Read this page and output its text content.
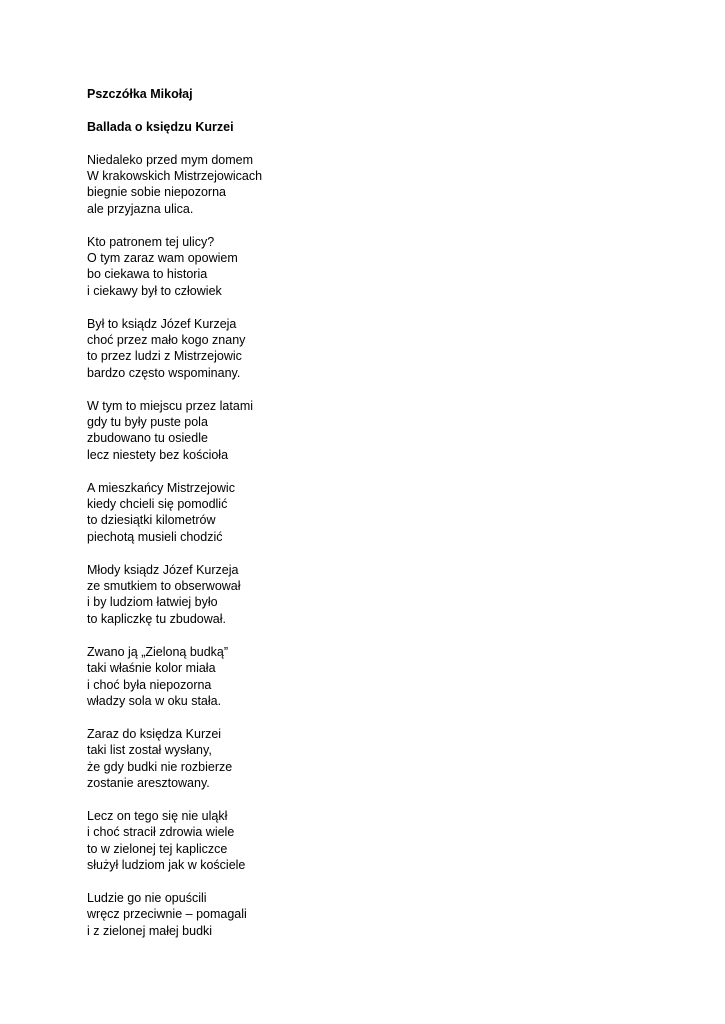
Pszczółka Mikołaj

Ballada o księdzu Kurzei

Niedaleko przed mym domem
W krakowskich Mistrzejowicach
biegnie sobie niepozorna
ale przyjazna ulica.
Kto patronem tej ulicy?
O tym zaraz wam opowiem
bo ciekawa to historia
i ciekawy był to człowiek
Był to ksiądz Józef Kurzeja
choć przez mało kogo znany
to przez ludzi z Mistrzejowic
bardzo często wspominany.
W tym to miejscu przez latami
gdy tu były puste pola
zbudowano tu osiedle
lecz niestety bez kościoła
A mieszkańcy Mistrzejowic
kiedy chcieli się pomodlić
to dziesiątki kilometrów
piechotą musieli chodzić
Młody ksiądz Józef Kurzeja
ze smutkiem to obserwował
i by ludziom łatwiej było
to kapliczkę tu zbudował.
Zwano ją „Zieloną budką”
taki właśnie kolor miała
i choć była niepozorna
władzy sola w oku stała.
Zaraz do księdza Kurzei
taki list został wysłany,
że gdy budki nie rozbierze
zostanie aresztowany.
Lecz on tego się nie uląkł
i choć stracił zdrowia wiele
to w zielonej tej kapliczce
służył ludziom jak w kościele
Ludzie go nie opuścili
wręcz przeciwnie – pomagali
i z zielonej małej budki
